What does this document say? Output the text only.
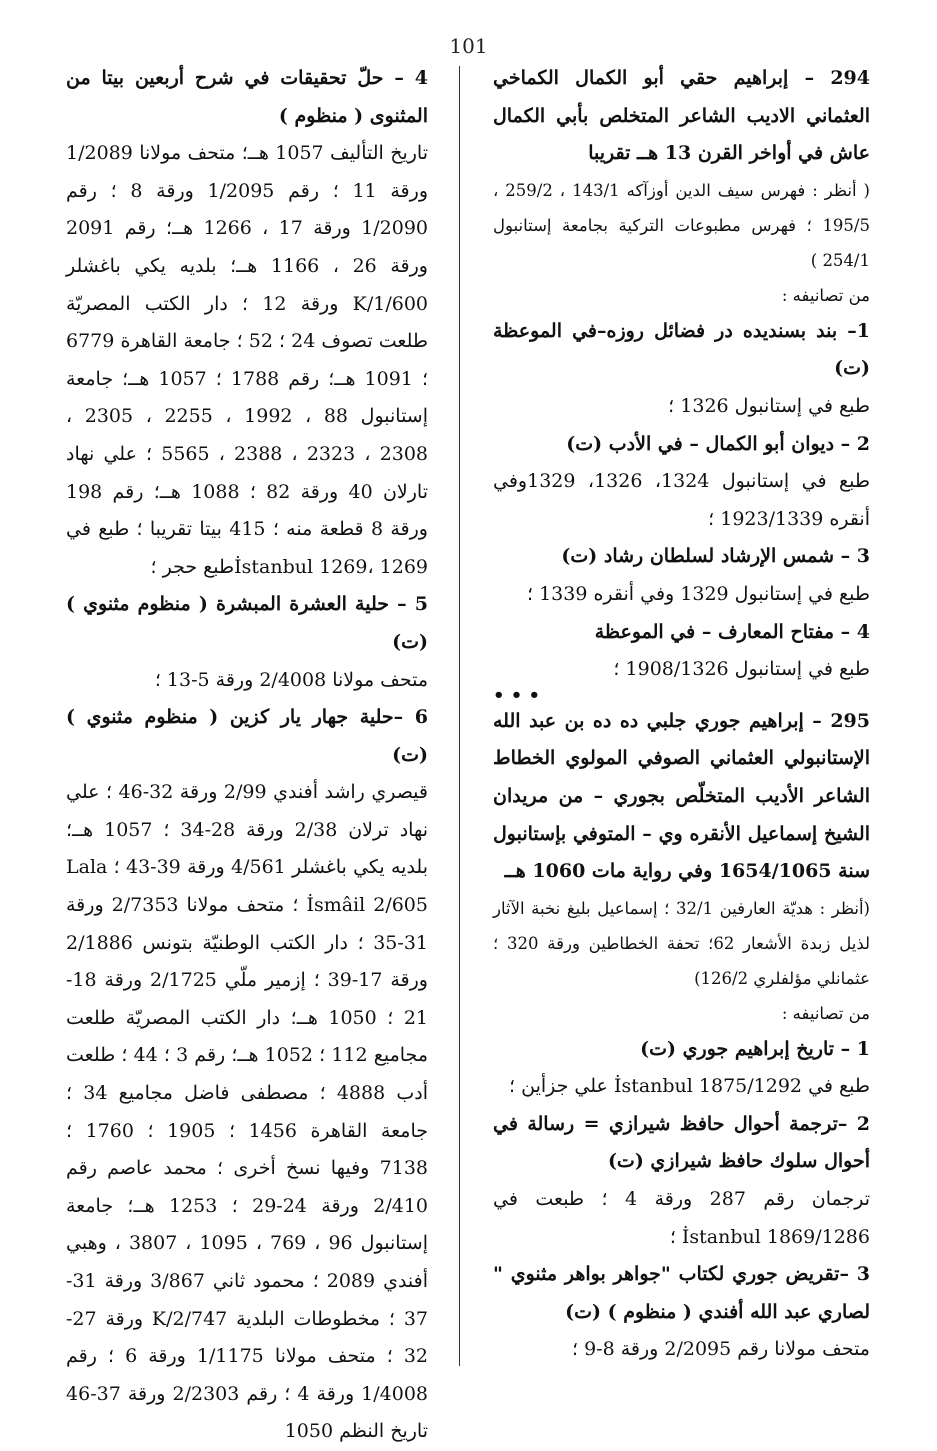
101

294 – إبراهيم حقي أبو الكمال الكماخي العثماني الاديب الشاعر المتخلص بأبي الكمال عاش في أواخر القرن 13 هــ تقريبا

( أنظر : فهرس سيف الدين أوزآكه 143/1 ، 259/2 ، 195/5 ؛ فهرس مطبوعات التركية بجامعة إستانبول 254/1 )

من تصانيفه :

1– بند بسنديده در فضائل روزه–في الموعظة (ت)

طبع في إستانبول 1326 ؛

2 – ديوان أبو الكمال – في الأدب (ت)

طبع في إستانبول 1324، 1326، 1329وفي أنقره 1923/1339 ؛

3 – شمس الإرشاد لسلطان رشاد (ت)

طبع في إستانبول 1329 وفي أنقره 1339 ؛

4 – مفتاح المعارف – في الموعظة

طبع في إستانبول 1908/1326 ؛

• • •

295 – إبراهيم جوري جلبي ده ده بن عبد الله الإستانبولي العثماني الصوفي المولوي الخطاط الشاعر الأديب المتخلّص بجوري – من مريدان الشيخ إسماعيل الأنقره وي – المتوفي بإستانبول سنة 1654/1065 وفي رواية مات 1060 هــ

(أنظر : هديّة العارفين 32/1 ؛ إسماعيل بليغ نخبة الآثار لذيل زبدة الأشعار 62؛ تحفة الخطاطين ورقة 320 ؛ عثمانلي مؤلفلري 126/2)

من تصانيفه :

1 – تاريخ إبراهيم جوري (ت)

طبع في İstanbul 1875/1292 علي جزأين ؛

2 –ترجمة أحوال حافظ شيرازي = رسالة في أحوال سلوك حافظ شيرازي (ت)

ترجمان رقم 287 ورقة 4 ؛ طبعت في İstanbul 1869/1286 ؛

3 –تقريض جوري لكتاب "جواهر بواهر مثنوي " لصاري عبد الله أفندي ( منظوم ) (ت)

متحف مولانا رقم 2/2095 ورقة 8-9 ؛

4 – حلّ تحقيقات في شرح أربعين بيتا من المثنوى ( منظوم )

تاريخ التأليف 1057 هــ؛ متحف مولانا 1/2089 ورقة 11 ؛ رقم 1/2095 ورقة 8 ؛ رقم 1/2090 ورقة 17 ، 1266 هــ؛ رقم 2091 ورقة 26 ، 1166 هــ؛ بلديه يكي باغشلر 1/600/K ورقة 12 ؛ دار الكتب المصريّة طلعت تصوف 24 ؛ 52 ؛ جامعة القاهرة 6779 ؛ 1091 هــ؛ رقم 1788 ؛ 1057 هــ؛ جامعة إستانبول 88 ، 1992 ، 2255 ، 2305 ، 2308 ، 2323 ، 2388 ، 5565 ؛ علي نهاد تارلان 40 ورقة 82 ؛ 1088 هــ؛ رقم 198 ورقة 8 قطعة منه ؛ 415 بيتا تقريبا ؛ طبع في İstanbul 1269، 1269طبع حجر ؛

5 – حلية العشرة المبشرة ( منظوم مثنوي ) (ت)

متحف مولانا 2/4008 ورقة 5-13 ؛

6 –حلية جهار يار كزين ( منظوم مثنوي ) (ت)

قيصري راشد أفندي 2/99 ورقة 32-46 ؛ علي نهاد ترلان 2/38 ورقة 28-34 ؛ 1057 هــ؛ بلديه يكي باغشلر 4/561 ورقة 39-43 ؛ Lala İsmâil 2/605 ؛ متحف مولانا 2/7353 ورقة 31-35 ؛ دار الكتب الوطنيّة بتونس 2/1886 ورقة 17-39 ؛ إزمير ملّي 2/1725 ورقة 18-21 ؛ 1050 هــ؛ دار الكتب المصريّة طلعت مجاميع 112 ؛ 1052 هــ؛ رقم 3 ؛ 44 ؛ طلعت أدب 4888 ؛ مصطفى فاضل مجاميع 34 ؛ جامعة القاهرة 1456 ؛ 1905 ؛ 1760 ؛ 7138 وفيها نسخ أخرى ؛ محمد عاصم رقم 2/410 ورقة 24-29 ؛ 1253 هــ؛ جامعة إستانبول 96 ، 769 ، 1095 ، 3807 ، وهبي أفندي 2089 ؛ محمود ثاني 3/867 ورقة 31-37 ؛ مخطوطات البلدية 2/747/K ورقة 27-32 ؛ متحف مولانا 1/1175 ورقة 6 ؛ رقم 1/4008 ورقة 4 ؛ رقم 2/2303 ورقة 37-46 تاريخ النظم 1050
